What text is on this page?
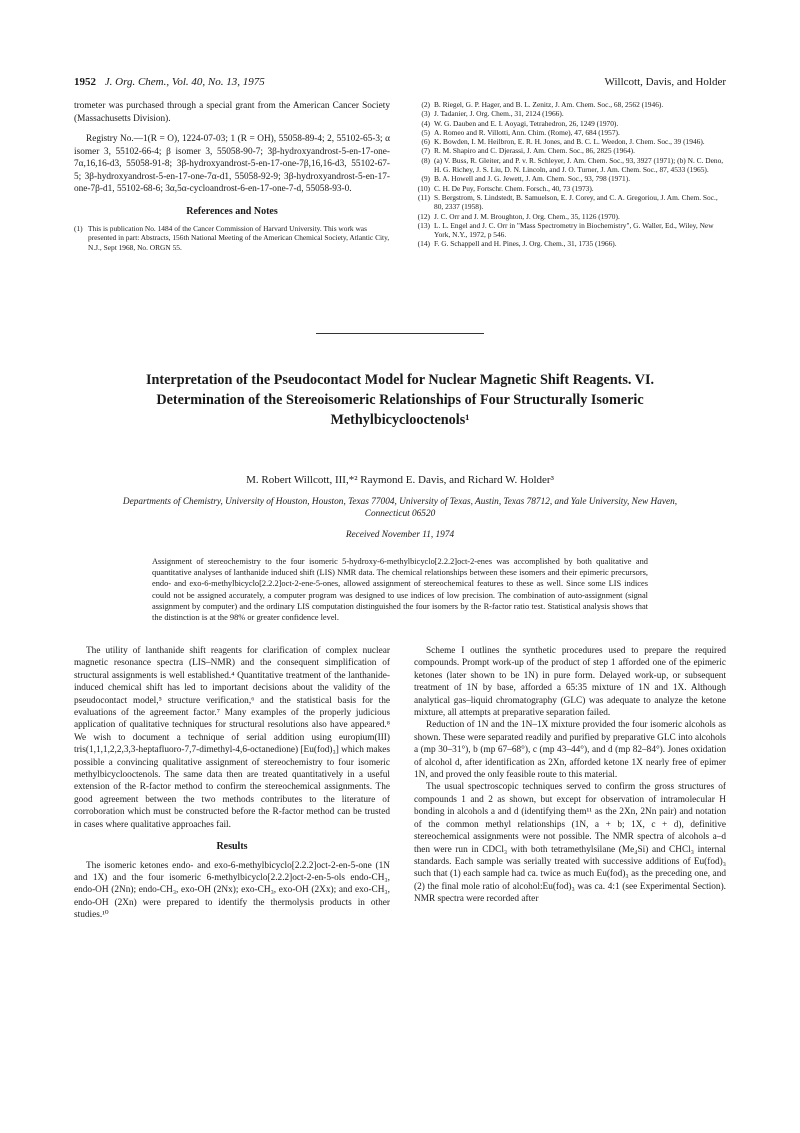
1952 J. Org. Chem., Vol. 40, No. 13, 1975	Willcott, Davis, and Holder

trometer was purchased through a special grant from the American Cancer Society (Massachusetts Division).

Registry No.—1(R = O), 1224-07-03; 1 (R = OH), 55058-89-4; 2, 55102-65-3; α isomer 3, 55102-66-4; β isomer 3, 55058-90-7; 3β-hydroxyandrost-5-en-17-one-7α,16,16-d3, 55058-91-8; 3β-hydroxyandrost-5-en-17-one-7β,16,16-d3, 55102-67-5; 3β-hydroxyandrost-5-en-17-one-7α-d1, 55058-92-9; 3β-hydroxyandrost-5-en-17-one-7β-d1, 55102-68-6; 3α,5α-cycloandrost-6-en-17-one-7-d, 55058-93-0.

References and Notes
(1) This is publication No. 1484 of the Cancer Commission of Harvard University. This work was presented in part: Abstracts, 156th National Meeting of the American Chemical Society, Atlantic City, N.J., Sept 1968, No. ORGN 55.
(2) B. Riegel, G. P. Hager, and B. L. Zenitz, J. Am. Chem. Soc., 68, 2562 (1946).
(3) J. Tadanier, J. Org. Chem., 31, 2124 (1966).
(4) W. G. Dauben and E. I. Aoyagi, Tetrahedron, 26, 1249 (1970).
(5) A. Romeo and R. Villotti, Ann. Chim. (Rome), 47, 684 (1957).
(6) K. Bowden, I. M. Heilbron, E. R. H. Jones, and B. C. L. Weedon, J. Chem. Soc., 39 (1946).
(7) R. M. Shapiro and C. Djerassi, J. Am. Chem. Soc., 86, 2825 (1964).
(8) (a) V. Buss, R. Gleiter, and P. v. R. Schleyer, J. Am. Chem. Soc., 93, 3927 (1971); (b) N. C. Deno, H. G. Richey, J. S. Liu, D. N. Lincoln, and J. O. Turner, J. Am. Chem. Soc., 87, 4533 (1965).
(9) B. A. Howell and J. G. Jewett, J. Am. Chem. Soc., 93, 798 (1971).
(10) C. H. De Puy, Fortschr. Chem. Forsch., 40, 73 (1973).
(11) S. Bergstrom, S. Lindstedt, B. Samuelson, E. J. Corey, and C. A. Gregoriou, J. Am. Chem. Soc., 80, 2337 (1958).
(12) J. C. Orr and J. M. Broughton, J. Org. Chem., 35, 1126 (1970).
(13) L. L. Engel and J. C. Orr in "Mass Spectrometry in Biochemistry", G. Waller, Ed., Wiley, New York, N.Y., 1972, p 546.
(14) F. G. Schappell and H. Pines, J. Org. Chem., 31, 1735 (1966).
Interpretation of the Pseudocontact Model for Nuclear Magnetic Shift Reagents. VI. Determination of the Stereoisomeric Relationships of Four Structurally Isomeric Methylbicyclooctenols¹
M. Robert Willcott, III,*² Raymond E. Davis, and Richard W. Holder³
Departments of Chemistry, University of Houston, Houston, Texas 77004, University of Texas, Austin, Texas 78712, and Yale University, New Haven, Connecticut 06520
Received November 11, 1974
Assignment of stereochemistry to the four isomeric 5-hydroxy-6-methylbicyclo[2.2.2]oct-2-enes was accomplished by both qualitative and quantitative analyses of lanthanide induced shift (LIS) NMR data. The chemical relationships between these isomers and their epimeric precursors, endo- and exo-6-methylbicyclo[2.2.2]oct-2-ene-5-ones, allowed assignment of stereochemical features to these as well. Since some LIS indices could not be assigned accurately, a computer program was designed to use indices of low precision. The combination of auto-assignment (signal assignment by computer) and the ordinary LIS computation distinguished the four isomers by the R-factor ratio test. Statistical analysis shows that the distinction is at the 98% or greater confidence level.

The utility of lanthanide shift reagents for clarification of complex nuclear magnetic resonance spectra (LIS–NMR) and the consequent simplification of structural assignments is well established.⁴ Quantitative treatment of the lanthanide-induced chemical shift has led to important decisions about the validity of the pseudocontact model,⁵ structure verification,⁶ and the statistical basis for the evaluations of the agreement factor.⁷ Many examples of the properly judicious application of qualitative techniques for structural resolutions also have appeared.⁸ We wish to document a technique of serial addition using europium(III) tris(1,1,1,2,2,3,3-heptafluoro-7,7-dimethyl-4,6-octanedione) [Eu(fod)₃] which makes possible a convincing qualitative assignment of stereochemistry to four isomeric methylbicyclooctenols. The same data then are treated quantitatively in a useful extension of the R-factor method to confirm the stereochemical assignments. The good agreement between the two methods contributes to the literature of corroboration which must be constructed before the R-factor method can be trusted in cases where qualitative approaches fail.

Results

The isomeric ketones endo- and exo-6-methylbicyclo[2.2.2]oct-2-en-5-one (1N and 1X) and the four isomeric 6-methylbicyclo[2.2.2]oct-2-en-5-ols endo-CH₃, endo-OH (2Nn); endo-CH₃, exo-OH (2Nx); exo-CH₃, exo-OH (2Xx); and exo-CH₃, endo-OH (2Xn) were prepared to identify the thermolysis products in other studies.¹⁰

Scheme I outlines the synthetic procedures used to prepare the required compounds. Prompt work-up of the product of step 1 afforded one of the epimeric ketones (later shown to be 1N) in pure form. Delayed work-up, or subsequent treatment of 1N by base, afforded a 65:35 mixture of 1N and 1X. Although analytical gas–liquid chromatography (GLC) was adequate to analyze the ketone mixture, all attempts at preparative separation failed.

Reduction of 1N and the 1N–1X mixture provided the four isomeric alcohols as shown. These were separated readily and purified by preparative GLC into alcohols a (mp 30–31°), b (mp 67–68°), c (mp 43–44°), and d (mp 82–84°). Jones oxidation of alcohol d, after identification as 2Xn, afforded ketone 1X nearly free of epimer 1N, and proved the only feasible route to this material.

The usual spectroscopic techniques served to confirm the gross structures of compounds 1 and 2 as shown, but except for observation of intramolecular H bonding in alcohols a and d (identifying them¹¹ as the 2Xn, 2Nn pair) and notation of the common methyl relationships (1N, a + b; 1X, c + d), definitive stereochemical assignments were not possible. The NMR spectra of alcohols a–d then were run in CDCl₃ with both tetramethylsilane (Me₄Si) and CHCl₃ internal standards. Each sample was serially treated with successive additions of Eu(fod)₃ such that (1) each sample had ca. twice as much Eu(fod)₃ as the preceding one, and (2) the final mole ratio of alcohol:Eu(fod)₃ was ca. 4:1 (see Experimental Section). NMR spectra were recorded after
